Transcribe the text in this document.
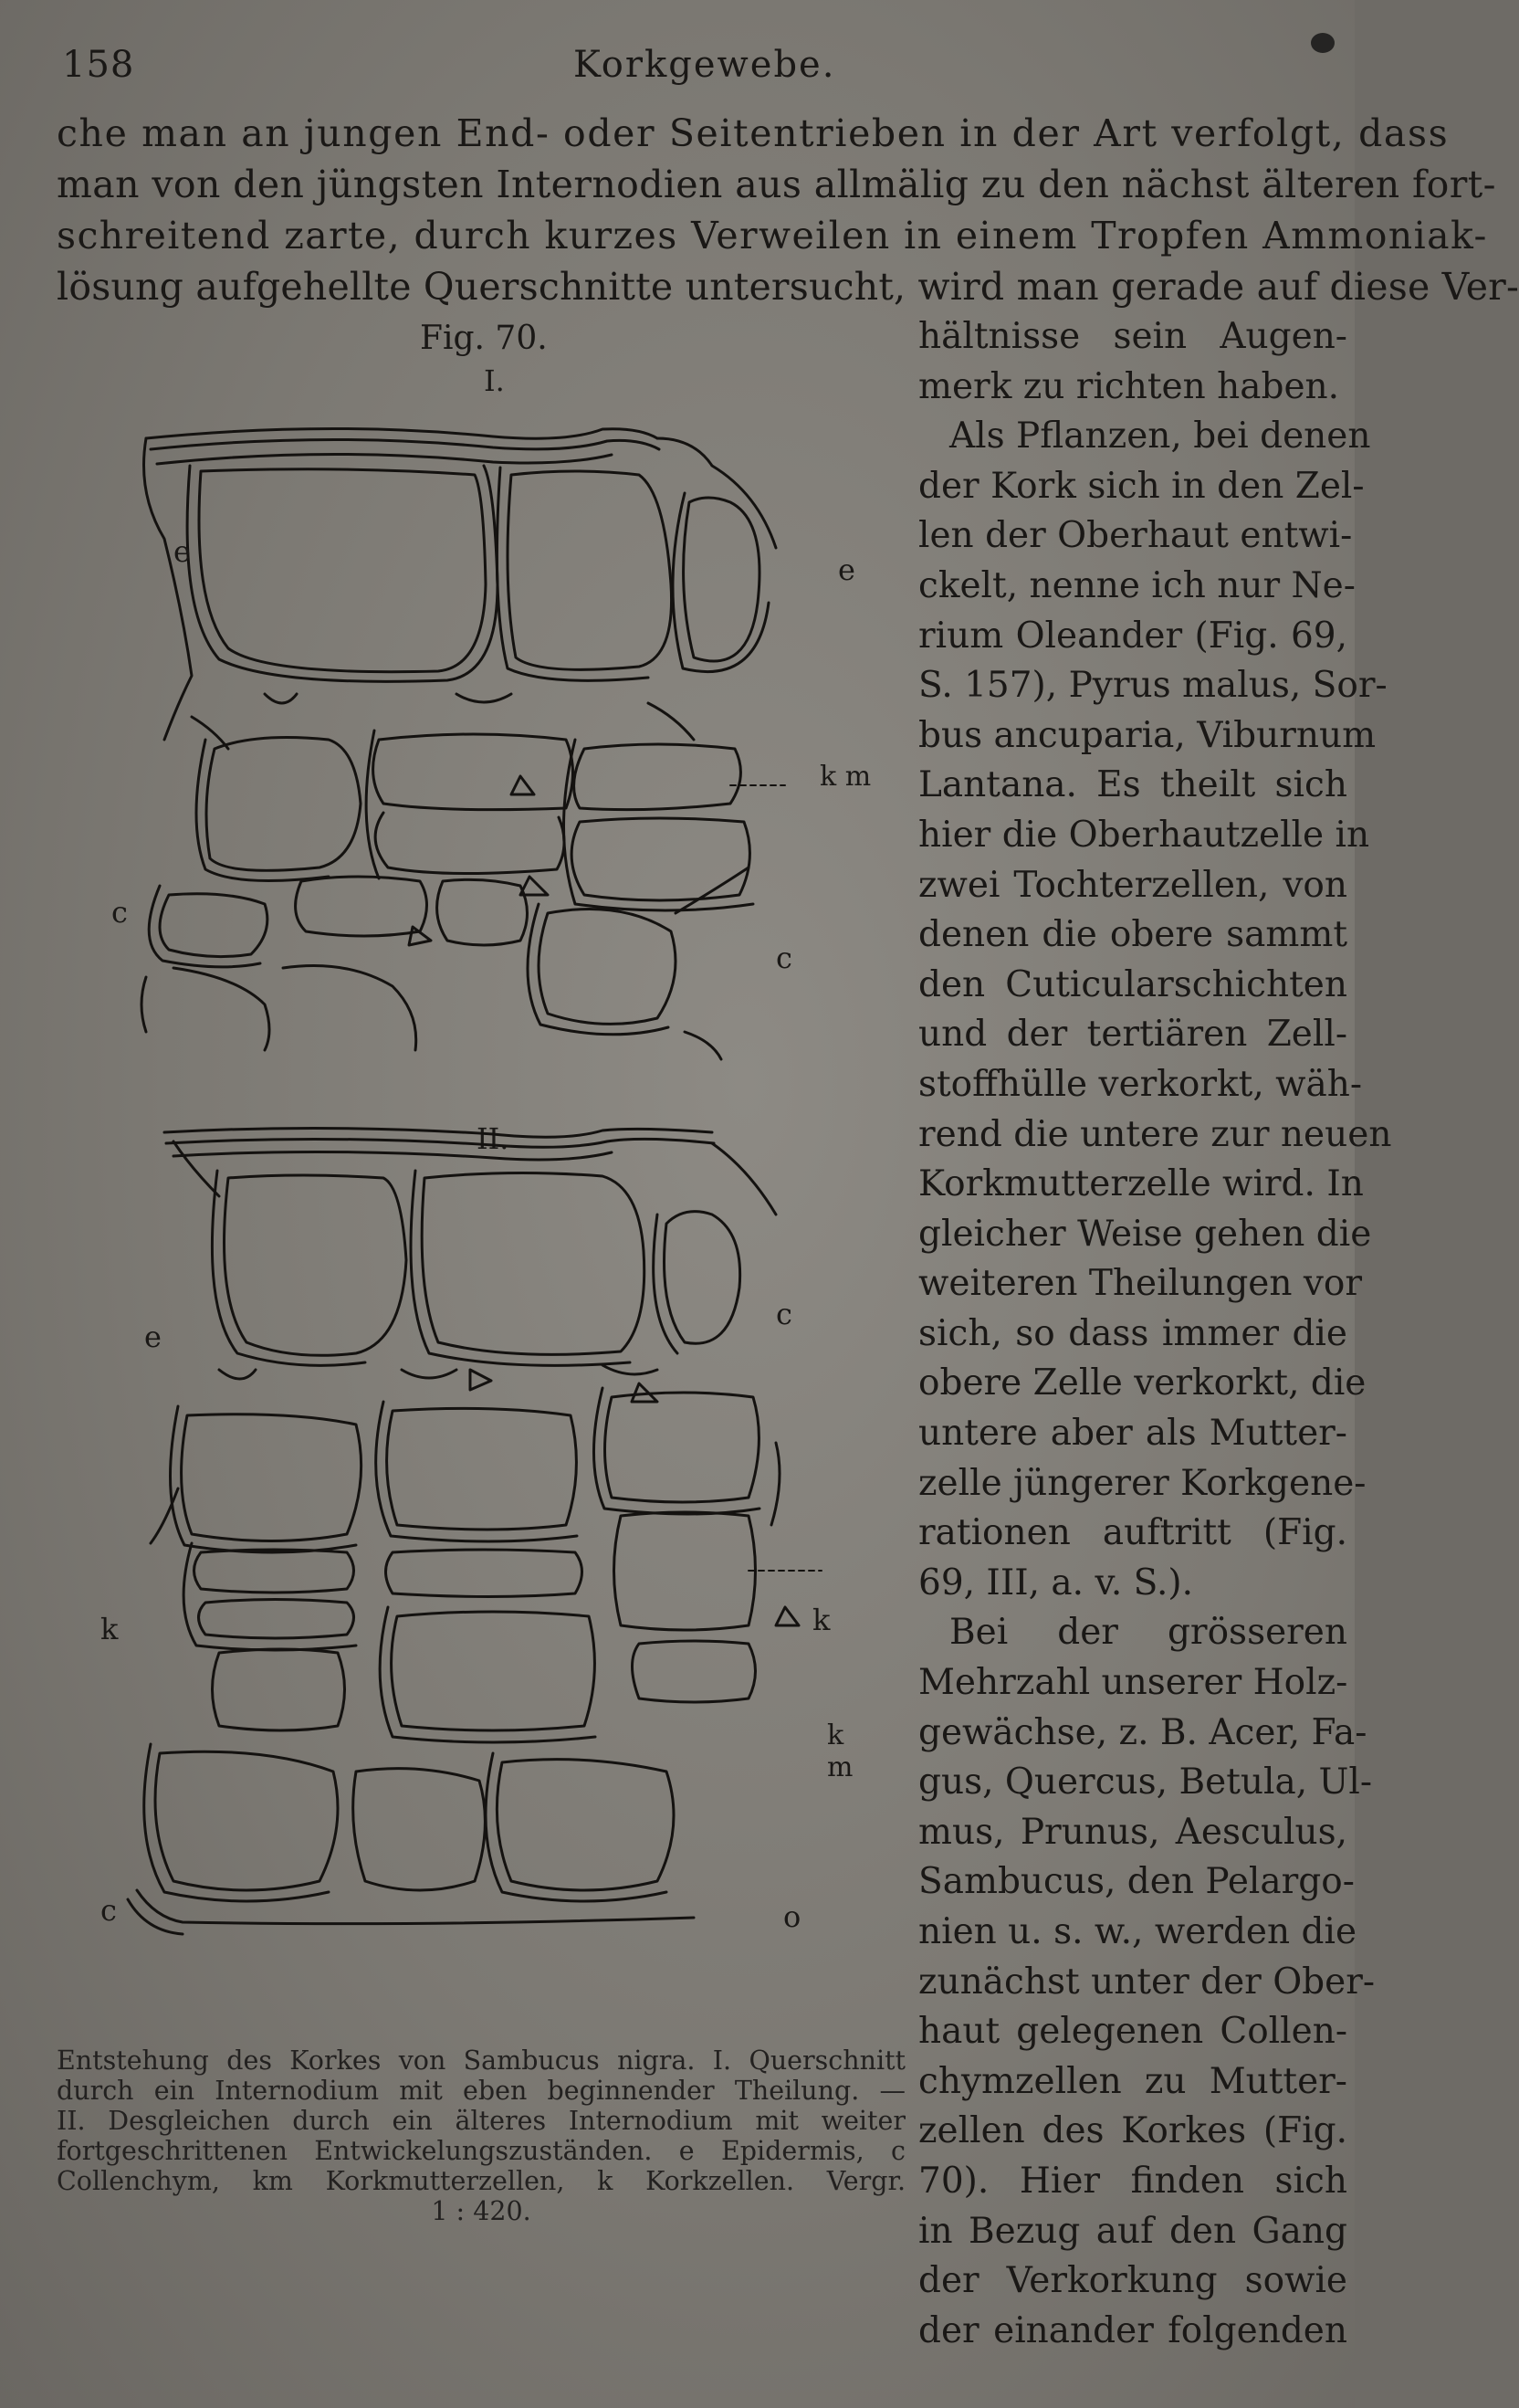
158	Korkgewebe.
che man an jungen End- oder Seitentrieben in der Art verfolgt, dass
man von den jüngsten Internodien aus allmälig zu den nächst älteren fort-
schreitend zarte, durch kurzes Verweilen in einem Tropfen Ammoniak-
lösung aufgehellte Querschnitte untersucht, wird man gerade auf diese Ver-
hältnisse sein Augen-
merk zu richten haben.
Als Pflanzen, bei denen
der Kork sich in den Zel-
len der Oberhaut entwi-
ckelt, nenne ich nur Ne-
rium Oleander (Fig. 69,
S. 157), Pyrus malus, Sor-
bus ancuparia, Viburnum
Lantana. Es theilt sich
hier die Oberhautzelle in
zwei Tochterzellen, von
denen die obere sammt
den Cuticularschichten
und der tertiären Zell-
stoffhülle verkorkt, wäh-
rend die untere zur neuen
Korkmutterzelle wird. In
gleicher Weise gehen die
weiteren Theilungen vor
sich, so dass immer die
obere Zelle verkorkt, die
untere aber als Mutter-
zelle jüngerer Korkgene-
rationen auftritt (Fig.
69, III, a. v. S.).
Bei der grösseren
Mehrzahl unserer Holz-
gewächse, z. B. Acer, Fa-
gus, Quercus, Betula, Ul-
mus, Prunus, Aesculus,
Sambucus, den Pelargo-
nien u. s. w., werden die
zunächst unter der Ober-
haut gelegenen Collen-
chymzellen zu Mutter-
zellen des Korkes (Fig.
70). Hier finden sich
in Bezug auf den Gang
der Verkorkung sowie
der einander folgenden
Fig. 70.
I.
II.
e
e
k m
c
c
e
c
k	k
k m
c	o
Entstehung des Korkes von Sambucus nigra. I. Querschnitt
durch ein Internodium mit eben beginnender Theilung. —
II. Desgleichen durch ein älteres Internodium mit weiter
fortgeschrittenen Entwickelungszuständen. e Epidermis, c
Collenchym, km Korkmutterzellen, k Korkzellen. Vergr.
1 : 420.
